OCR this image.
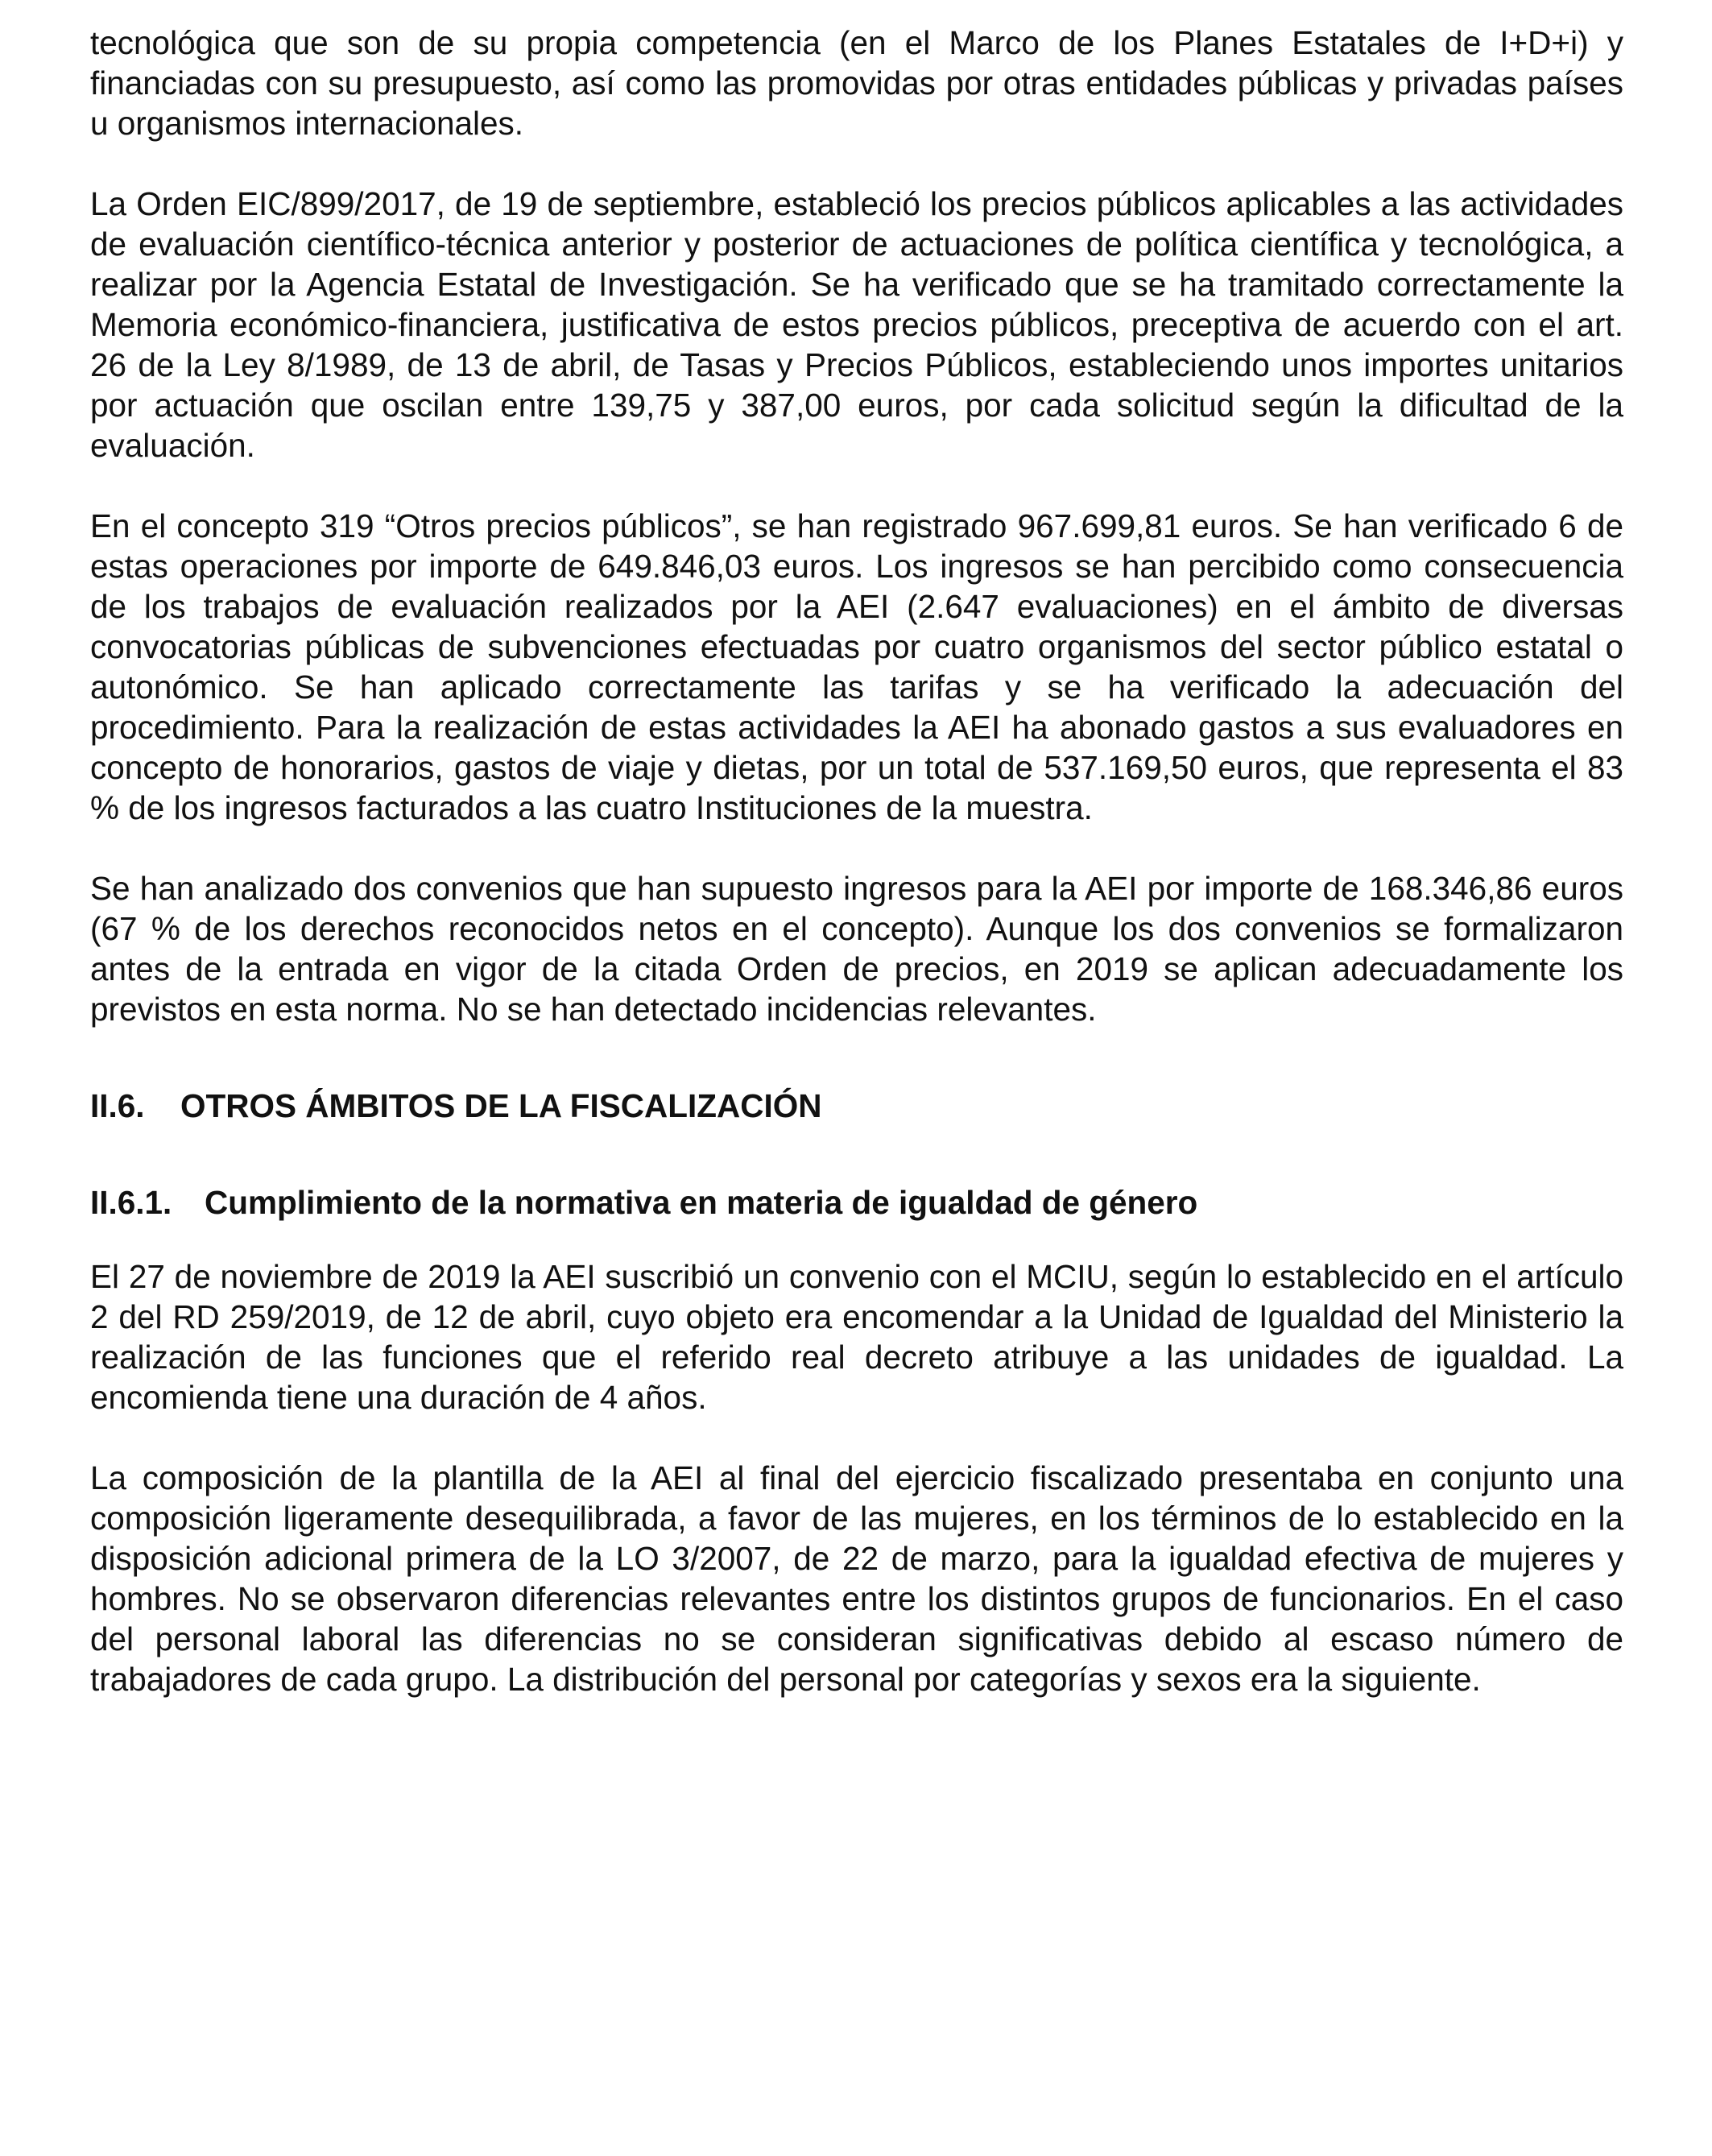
tecnológica que son de su propia competencia (en el Marco de los Planes Estatales de I+D+i) y financiadas con su presupuesto, así como las promovidas por otras entidades públicas y privadas países u organismos internacionales.

La Orden EIC/899/2017, de 19 de septiembre, estableció los precios públicos aplicables a las actividades de evaluación científico-técnica anterior y posterior de actuaciones de política científica y tecnológica, a realizar por la Agencia Estatal de Investigación. Se ha verificado que se ha tramitado correctamente la Memoria económico-financiera, justificativa de estos precios públicos, preceptiva de acuerdo con el art. 26 de la Ley 8/1989, de 13 de abril, de Tasas y Precios Públicos, estableciendo unos importes unitarios por actuación que oscilan entre 139,75 y 387,00 euros, por cada solicitud según la dificultad de la evaluación.

En el concepto 319 “Otros precios públicos”, se han registrado 967.699,81 euros. Se han verificado 6 de estas operaciones por importe de 649.846,03 euros. Los ingresos se han percibido como consecuencia de los trabajos de evaluación realizados por la AEI (2.647 evaluaciones) en el ámbito de diversas convocatorias públicas de subvenciones efectuadas por cuatro organismos del sector público estatal o autonómico. Se han aplicado correctamente las tarifas y se ha verificado la adecuación del procedimiento. Para la realización de estas actividades la AEI ha abonado gastos a sus evaluadores en concepto de honorarios, gastos de viaje y dietas, por un total de 537.169,50 euros, que representa el 83 % de los ingresos facturados a las cuatro Instituciones de la muestra.

Se han analizado dos convenios que han supuesto ingresos para la AEI por importe de 168.346,86 euros (67 % de los derechos reconocidos netos en el concepto). Aunque los dos convenios se formalizaron antes de la entrada en vigor de la citada Orden de precios, en 2019 se aplican adecuadamente los previstos en esta norma. No se han detectado incidencias relevantes.

II.6.	OTROS ÁMBITOS DE LA FISCALIZACIÓN
II.6.1.	Cumplimiento de la normativa en materia de igualdad de género

El 27 de noviembre de 2019 la AEI suscribió un convenio con el MCIU, según lo establecido en el artículo 2 del RD 259/2019, de 12 de abril, cuyo objeto era encomendar a la Unidad de Igualdad del Ministerio la realización de las funciones que el referido real decreto atribuye a las unidades de igualdad. La encomienda tiene una duración de 4 años.

La composición de la plantilla de la AEI al final del ejercicio fiscalizado presentaba en conjunto una composición ligeramente desequilibrada, a favor de las mujeres, en los términos de lo establecido en la disposición adicional primera de la LO 3/2007, de 22 de marzo, para la igualdad efectiva de mujeres y hombres. No se observaron diferencias relevantes entre los distintos grupos de funcionarios. En el caso del personal laboral las diferencias no se consideran significativas debido al escaso número de trabajadores de cada grupo. La distribución del personal por categorías y sexos era la siguiente.
